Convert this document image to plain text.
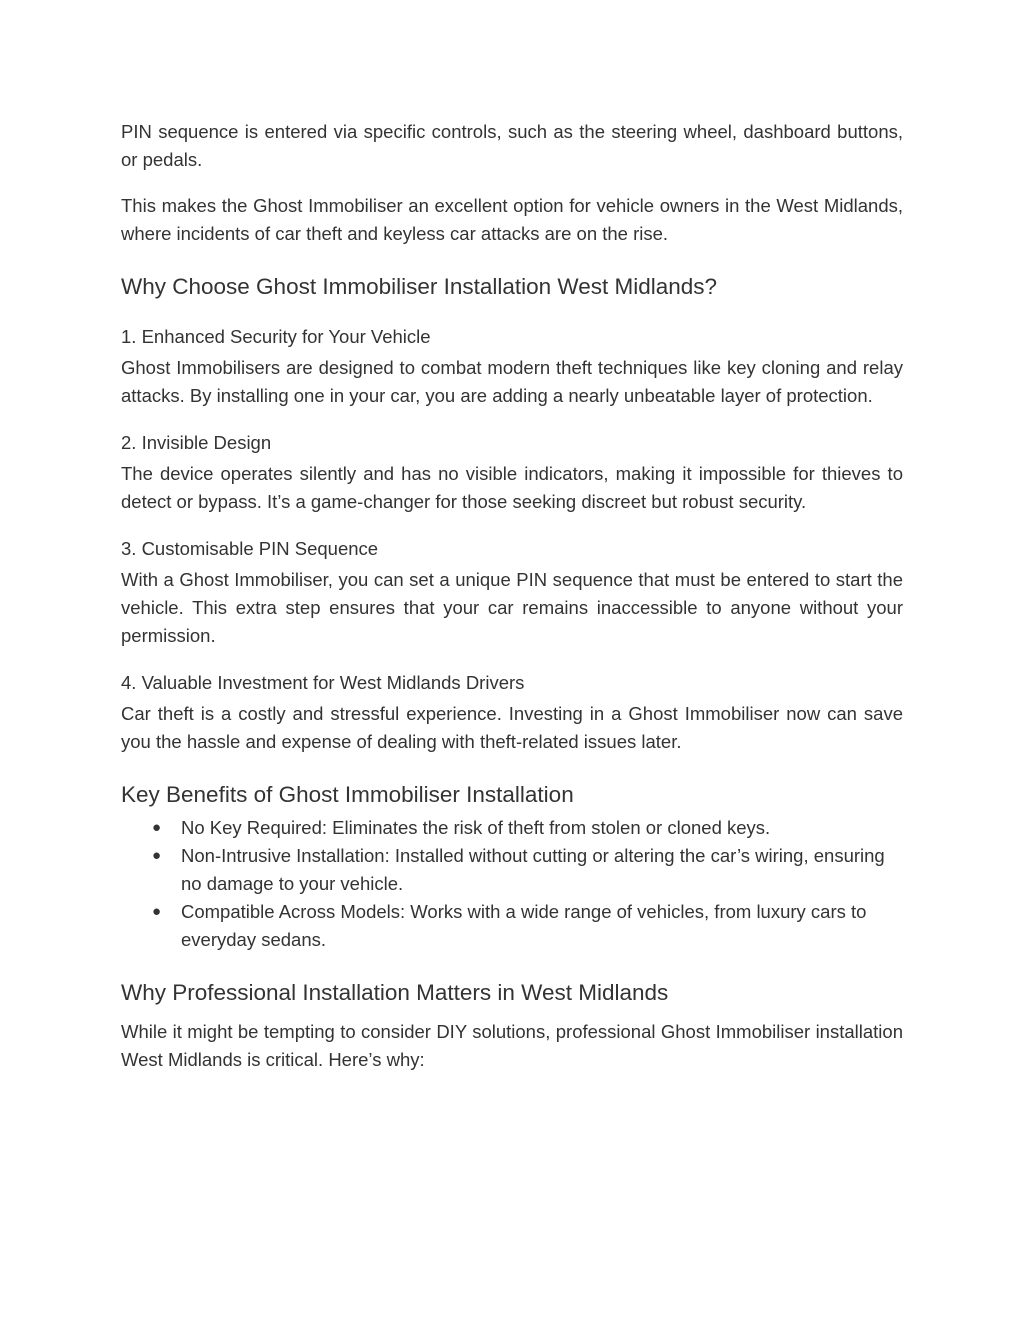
PIN sequence is entered via specific controls, such as the steering wheel, dashboard buttons, or pedals.

This makes the Ghost Immobiliser an excellent option for vehicle owners in the West Midlands, where incidents of car theft and keyless car attacks are on the rise.

Why Choose Ghost Immobiliser Installation West Midlands?
1. Enhanced Security for Your Vehicle

Ghost Immobilisers are designed to combat modern theft techniques like key cloning and relay attacks. By installing one in your car, you are adding a nearly unbeatable layer of protection.

2. Invisible Design

The device operates silently and has no visible indicators, making it impossible for thieves to detect or bypass. It’s a game-changer for those seeking discreet but robust security.

3. Customisable PIN Sequence

With a Ghost Immobiliser, you can set a unique PIN sequence that must be entered to start the vehicle. This extra step ensures that your car remains inaccessible to anyone without your permission.

4. Valuable Investment for West Midlands Drivers

Car theft is a costly and stressful experience. Investing in a Ghost Immobiliser now can save you the hassle and expense of dealing with theft-related issues later.

Key Benefits of Ghost Immobiliser Installation
● No Key Required: Eliminates the risk of theft from stolen or cloned keys.
● Non-Intrusive Installation: Installed without cutting or altering the car’s wiring, ensuring no damage to your vehicle.
● Compatible Across Models: Works with a wide range of vehicles, from luxury cars to everyday sedans.
Why Professional Installation Matters in West Midlands

While it might be tempting to consider DIY solutions, professional Ghost Immobiliser installation West Midlands is critical. Here’s why:
